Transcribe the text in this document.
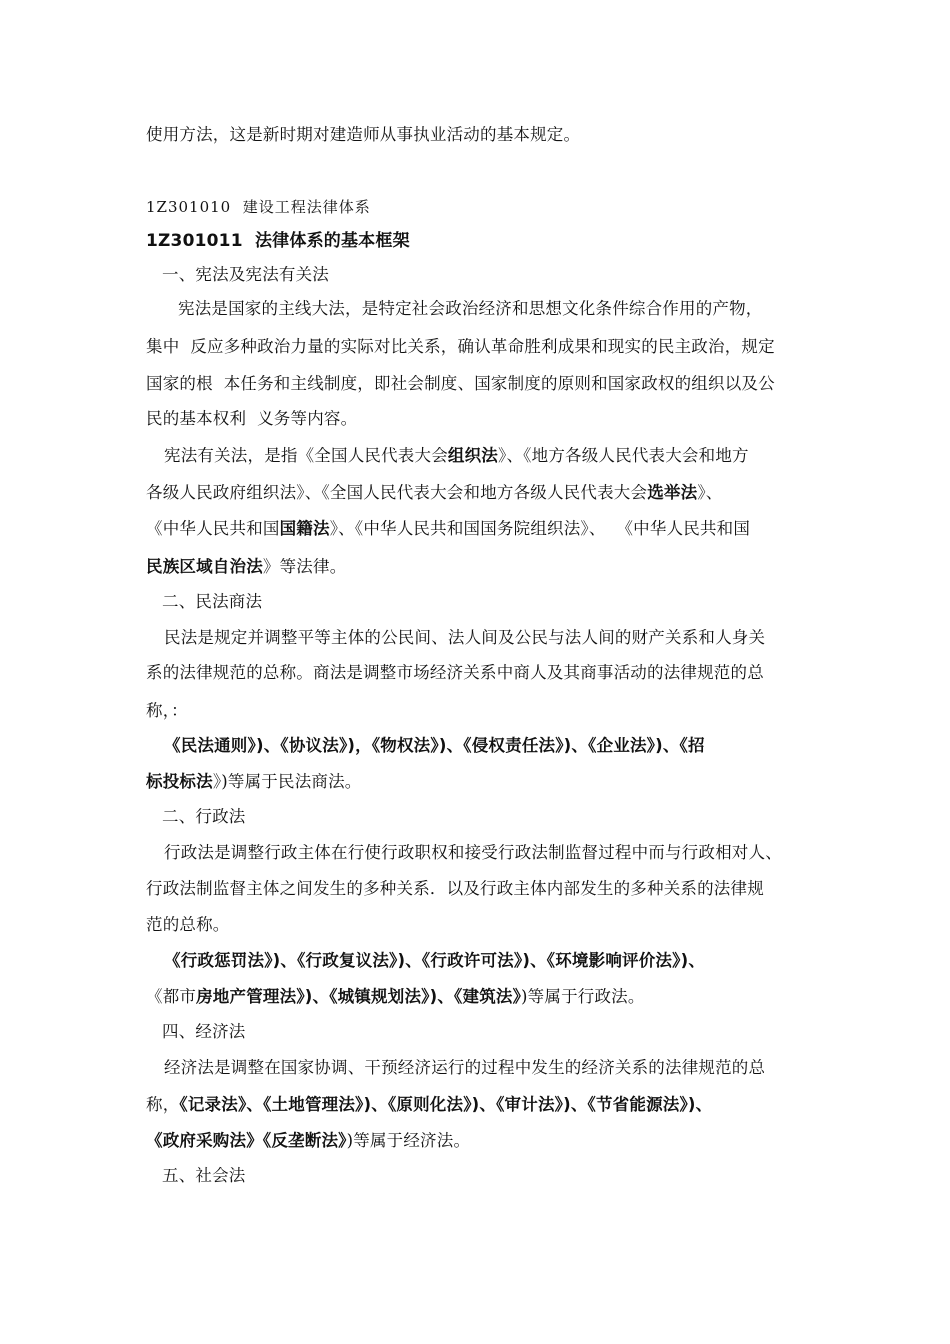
使用方法，这是新时期对建造师从事执业活动的基本规定。
1Z301010  建设工程法律体系
1Z301011  法律体系的基本框架
一、宪法及宪法有关法
宪法是国家的主线大法，是特定社会政治经济和思想文化条件综合作用的产物，
集中  反应多种政治力量的实际对比关系，确认革命胜利成果和现实的民主政治，规定
国家的根  本任务和主线制度，即社会制度、国家制度的原则和国家政权的组织以及公
民的基本权利  义务等内容。
宪法有关法，是指《全国人民代表大会组织法》、《地方各级人民代表大会和地方
各级人民政府组织法》、《全国人民代表大会和地方各级人民代表大会选举法》、
《中华人民共和国国籍法》、《中华人民共和国国务院组织法》、  《中华人民共和国
民族区域自治法》等法律。
二、民法商法
民法是规定并调整平等主体的公民间、法人间及公民与法人间的财产关系和人身关
系的法律规范的总称。商法是调整市场经济关系中商人及其商事活动的法律规范的总
称，：
《民法通则》)、《协议法》)，《物权法》)、《侵权责任法》)、《企业法》)、《招
标投标法》)等属于民法商法。
二、行政法
行政法是调整行政主体在行使行政职权和接受行政法制监督过程中而与行政相对人、
行政法制监督主体之间发生的多种关系．以及行政主体内部发生的多种关系的法律规
范的总称。
《行政惩罚法》)、《行政复议法》)、《行政许可法》)、《环境影响评价法》)、
《都市房地产管理法》)、《城镇规划法》)、《建筑法》)等属于行政法。
四、经济法
经济法是调整在国家协调、干预经济运行的过程中发生的经济关系的法律规范的总
称，《记录法》、《土地管理法》)、《原则化法》)、《审计法》)、《节省能源法》)、
《政府采购法》《反垄断法》)等属于经济法。
五、社会法
